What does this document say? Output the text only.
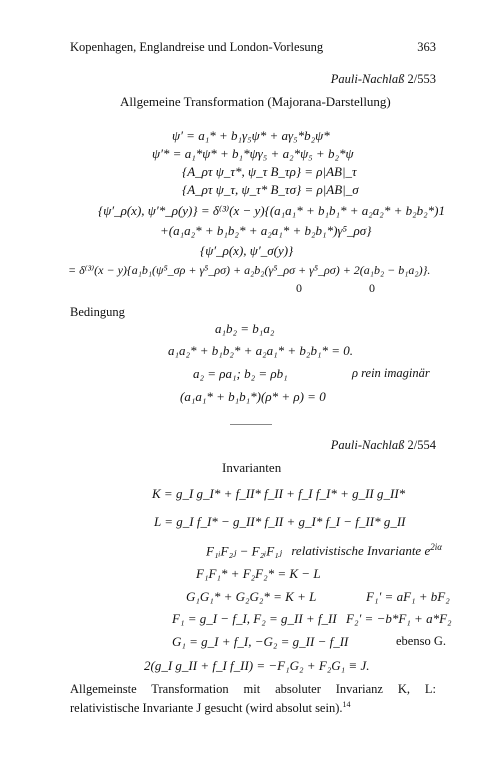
Kopenhagen, Englandreise und London-Vorlesung	363
Pauli-Nachlaß 2/553
Allgemeine Transformation (Majorana-Darstellung)
ψ′ = a₁* + b₁γ₅ψ* + aγ₅*b₂ψ*
ψ′* = a₁*ψ* + b₁*ψγ₅ + a₂*ψ₅ + b₂*ψ
{A_ρτ ψ_τ*, ψ_τ B_τρ} = ρ|AB|_τ
{A_ρτ ψ_τ, ψ_τ* B_τσ} = ρ|AB|_σ
{ψ′_ρ(x), ψ′*_ρ(y)} = δ⁽³⁾(x − y){(a₁a₁* + b₁b₁* + a₂a₂* + b₂b₂*)1
+(a₁a₂* + b₁b₂* + a₂a₁* + b₂b₁*)γ⁵_ρσ}
{ψ′_ρ(x), ψ′_σ(y)}
= δ⁽³⁾(x − y){a₁b₁(ψ⁵_σρ + γ⁵_ρσ) + a₂b₂(γ⁵_ρσ + γ⁵_ρσ) + 2(a₁b₂ − b₁a₂)}.
0	0
Bedingung
a₁b₂ = b₁a₂
a₁a₂* + b₁b₂* + a₂a₁* + b₂b₁* = 0.
a₂ = ρa₁; b₂ = ρb₁	ρ rein imaginär
(a₁a₁* + b₁b₁*)(ρ* + ρ) = 0
Pauli-Nachlaß 2/554
Invarianten
K = g_I g_I* + f_II* f_II + f_I f_I* + g_II g_II*
L = g_I f_I* − g_II* f_II + g_I* f_I − f_II* g_II
F₁ᵢF₂ⱼ − F₂ᵢF₁ⱼ relativistische Invariante $e^{2i\alpha}$
F₁F₁* + F₂F₂* = K − L
G₁G₁* + G₂G₂* = K + L	F₁′ = aF₁ + bF₂
F₁ = g_I − f_I, F₂ = g_II + f_II F₂′ = −b*F₁ + a*F₂
G₁ = g_I + f_I, −G₂ = g_II − f_II	ebenso G.
2(g_I g_II + f_I f_II) = −F₁G₂ + F₂G₁ ≡ J.
Allgemeinste Transformation mit absoluter Invarianz K, L: relativistische Invariante J gesucht (wird absolut sein).$^{14}$
